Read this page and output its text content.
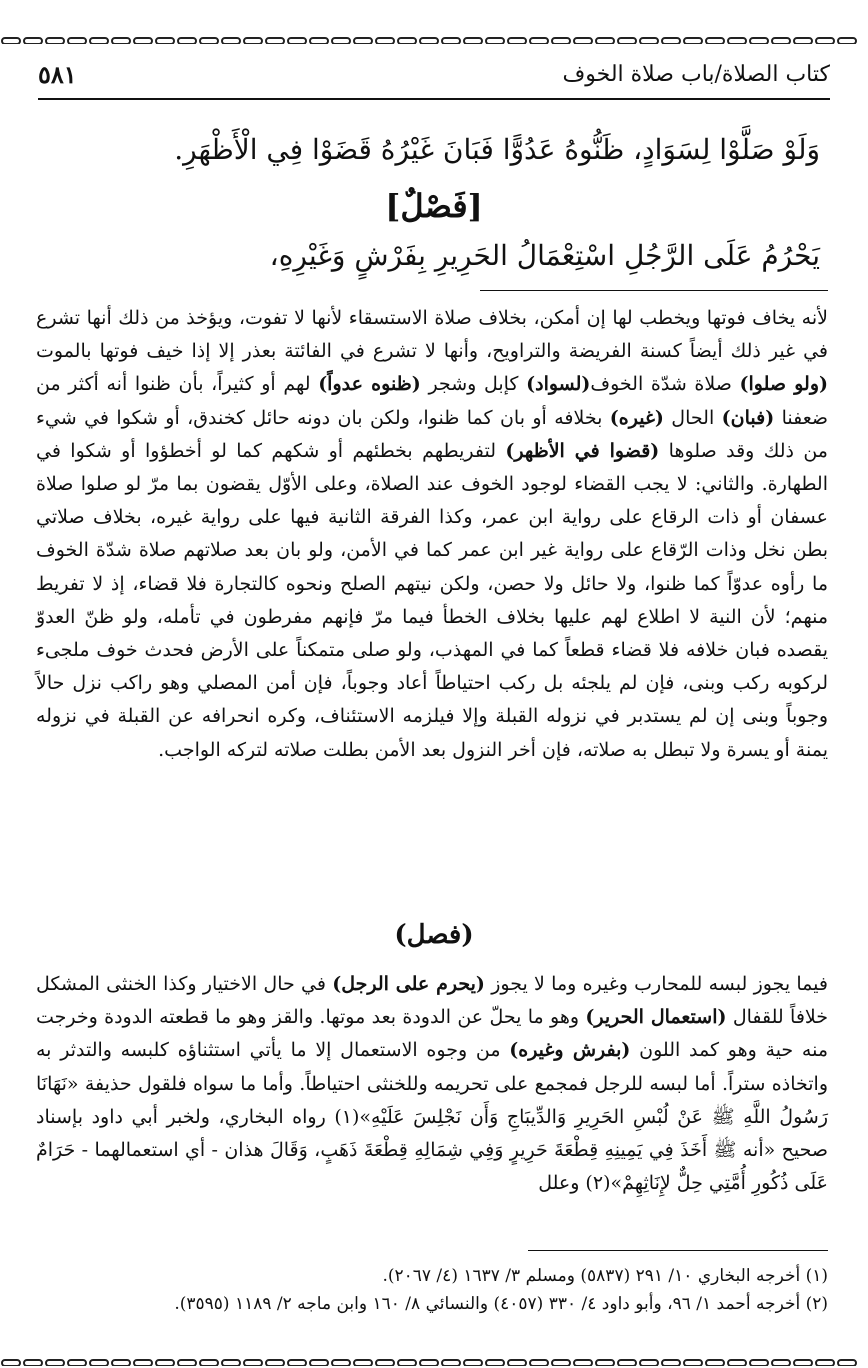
كتاب الصلاة/باب صلاة الخوف
٥٨١
وَلَوْ صَلَّوْا لِسَوَادٍ، ظَنُّوهُ عَدُوًّا فَبَانَ غَيْرُهُ قَضَوْا فِي الْأَظْهَرِ.
[فَصْلٌ]
يَحْرُمُ عَلَى الرَّجُلِ اسْتِعْمَالُ الحَرِيرِ بِفَرْشٍ وَغَيْرِهِ،
لأنه يخاف فوتها ويخطب لها إن أمكن، بخلاف صلاة الاستسقاء لأنها لا تفوت، ويؤخذ من ذلك أنها تشرع في غير ذلك أيضاً كسنة الفريضة والتراويح، وأنها لا تشرع في الفائتة بعذر إلا إذا خيف فوتها بالموت (ولو صلوا) صلاة شدّة الخوف(لسواد) كإبل وشجر (ظنوه عدواً) لهم أو كثيراً، بأن ظنوا أنه أكثر من ضعفنا (فبان) الحال (غيره) بخلافه أو بان كما ظنوا، ولكن بان دونه حائل كخندق، أو شكوا في شيء من ذلك وقد صلوها (قضوا في الأظهر) لتفريطهم بخطئهم أو شكهم كما لو أخطؤوا أو شكوا في الطهارة. والثاني: لا يجب القضاء لوجود الخوف عند الصلاة، وعلى الأوّل يقضون بما مرّ لو صلوا صلاة عسفان أو ذات الرقاع على رواية ابن عمر، وكذا الفرقة الثانية فيها على رواية غيره، بخلاف صلاتي بطن نخل وذات الرّقاع على رواية غير ابن عمر كما في الأمن، ولو بان بعد صلاتهم صلاة شدّة الخوف ما رأوه عدوّاً كما ظنوا، ولا حائل ولا حصن، ولكن نيتهم الصلح ونحوه كالتجارة فلا قضاء، إذ لا تفريط منهم؛ لأن النية لا اطلاع لهم عليها بخلاف الخطأ فيما مرّ فإنهم مفرطون في تأمله، ولو ظنّ العدوّ يقصده فبان خلافه فلا قضاء قطعاً كما في المهذب، ولو صلى متمكناً على الأرض فحدث خوف ملجىء لركوبه ركب وبنى، فإن لم يلجئه بل ركب احتياطاً أعاد وجوباً، فإن أمن المصلي وهو راكب نزل حالاً وجوباً وبنى إن لم يستدبر في نزوله القبلة وإلا فيلزمه الاستئناف، وكره انحرافه عن القبلة في نزوله يمنة أو يسرة ولا تبطل به صلاته، فإن أخر النزول بعد الأمن بطلت صلاته لتركه الواجب.
(فصل)
فيما يجوز لبسه للمحارب وغيره وما لا يجوز (يحرم على الرجل) في حال الاختيار وكذا الخنثى المشكل خلافاً للقفال (استعمال الحرير) وهو ما يحلّ عن الدودة بعد موتها. والقز وهو ما قطعته الدودة وخرجت منه حية وهو كمد اللون (بفرش وغيره) من وجوه الاستعمال إلا ما يأتي استثناؤه كلبسه والتدثر به واتخاذه ستراً. أما لبسه للرجل فمجمع على تحريمه وللخنثى احتياطاً. وأما ما سواه فلقول حذيفة «نَهَانَا رَسُولُ اللَّهِ ﷺ عَنْ لُبْسِ الحَرِيرِ وَالدِّيبَاجِ وَأَن نَجْلِسَ عَلَيْهِ»(١) رواه البخاري، ولخبر أبي داود بإسناد صحيح «أنه ﷺ أَخَذَ فِي يَمِينِهِ قِطْعَةَ حَرِيرٍ وَفِي شِمَالِهِ قِطْعَةَ ذَهَبٍ، وَقَالَ هذان - أي استعمالهما - حَرَامٌ عَلَى ذُكُورِ أُمَّتِي حِلٌّ لإِنَاثِهِمْ»(٢) وعلل
(١) أخرجه البخاري ١٠/ ٢٩١ (٥٨٣٧) ومسلم ٣/ ١٦٣٧ (٤/ ٢٠٦٧).
(٢) أخرجه أحمد ١/ ٩٦، وأبو داود ٤/ ٣٣٠ (٤٠٥٧) والنسائي ٨/ ١٦٠ وابن ماجه ٢/ ١١٨٩ (٣٥٩٥).
